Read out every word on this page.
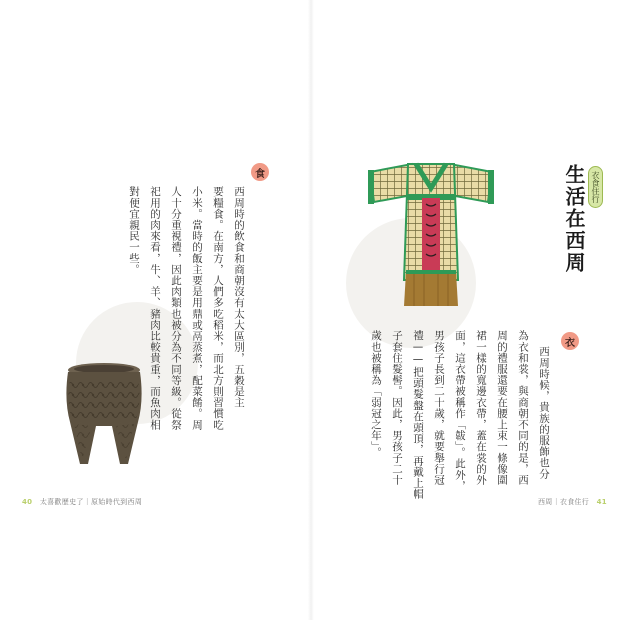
食
西周時的飲食和商朝沒有太大區別，五穀是主
要糧食。在南方，人們多吃稻米，而北方則習慣吃
小米。當時的飯主要是用鼎或鬲蒸煮，配菜餚。周
人十分重視禮，因此肉類也被分為不同等級。從祭
祀用的肉來看，牛、羊、豬肉比較貴重，而魚肉相
對便宜親民一些。
40 太喜歡歷史了｜原始時代到西周
衣食住行
生活在西周
衣
西周時候，貴族的服飾也分
為衣和裳，與商朝不同的是，西
周的禮服還要在腰上束一條像圍
裙一樣的寬邊衣帶，蓋在裳的外
面，這衣帶被稱作「韍」。此外，
男孩子長到二十歲，就要舉行冠
禮——把頭髮盤在頭頂，再戴上帽
子套住髮髻。因此，男孩子二十
歲也被稱為「弱冠之年」。
西周｜衣食住行 41
